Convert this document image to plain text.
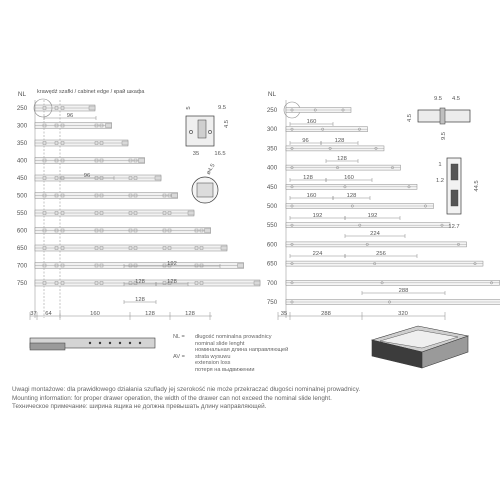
NL krawędź szafki / cabinet edge / край шкафа
250
300
350
400
450
500
550
600
650
700
750
96
96
192
128	128
128
37 64	160	128	128
NL
250
300
350
400
450
500
550
600
650
700
750
160
96	128
128
128	160
160	128
192	192
224
224	256
288
35	288	320
9.5
4.5
35	16.5
5
ø4.5
9.5 4.5
4.5
9.5
1
1.2	44.5
12.7
NL =	długość nominalna prowadnicy
nominal slide lenght
номинальная длина направляющей
AV =	strata wysuwu
extension loss
потеря на выдвижении
Uwagi montażowe: dla prawidłowego działania szuflady jej szerokość nie może przekraczać długości nominalnej prowadnicy.
Mounting information: for proper drawer operation, the width of the drawer can not exceed the nominal slide lenght.
Техническое примечание: ширина ящика не должна превышать длину направляющей.
